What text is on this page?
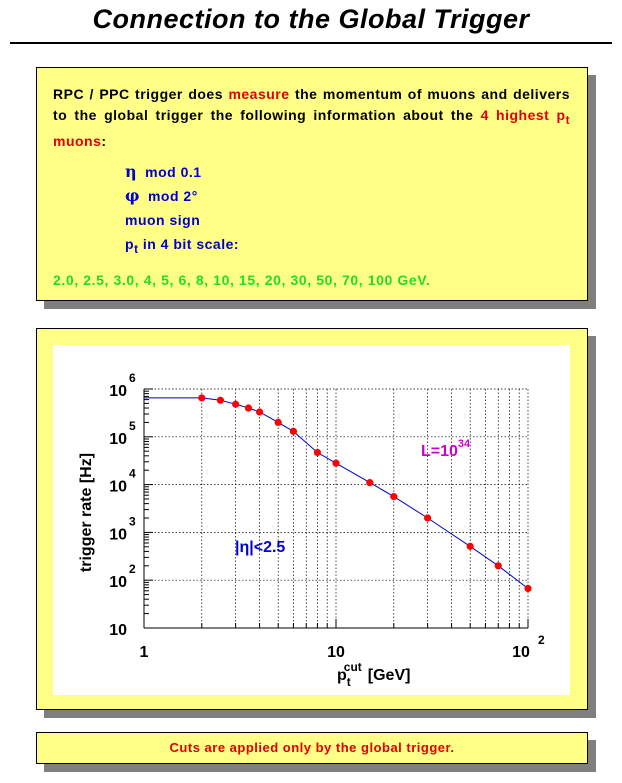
Connection to the Global Trigger
RPC / PPC trigger does measure the momentum of muons and delivers to the global trigger the following information about the 4 highest $p_t$ muons:
η mod 0.1
φ mod 2°
muon sign
$p_t$ in 4 bit scale:
2.0, 2.5, 3.0, 4, 5, 6, 8, 10, 15, 20, 30, 50, 70, 100 GeV.
10
10
2
10
3
10
4
10
5
10
6
1	10	10
2
trigger rate [Hz]
$p_tcut$ [GeV]
$L=10^{34}$
|η|<2.5
Cuts are applied only by the global trigger.
